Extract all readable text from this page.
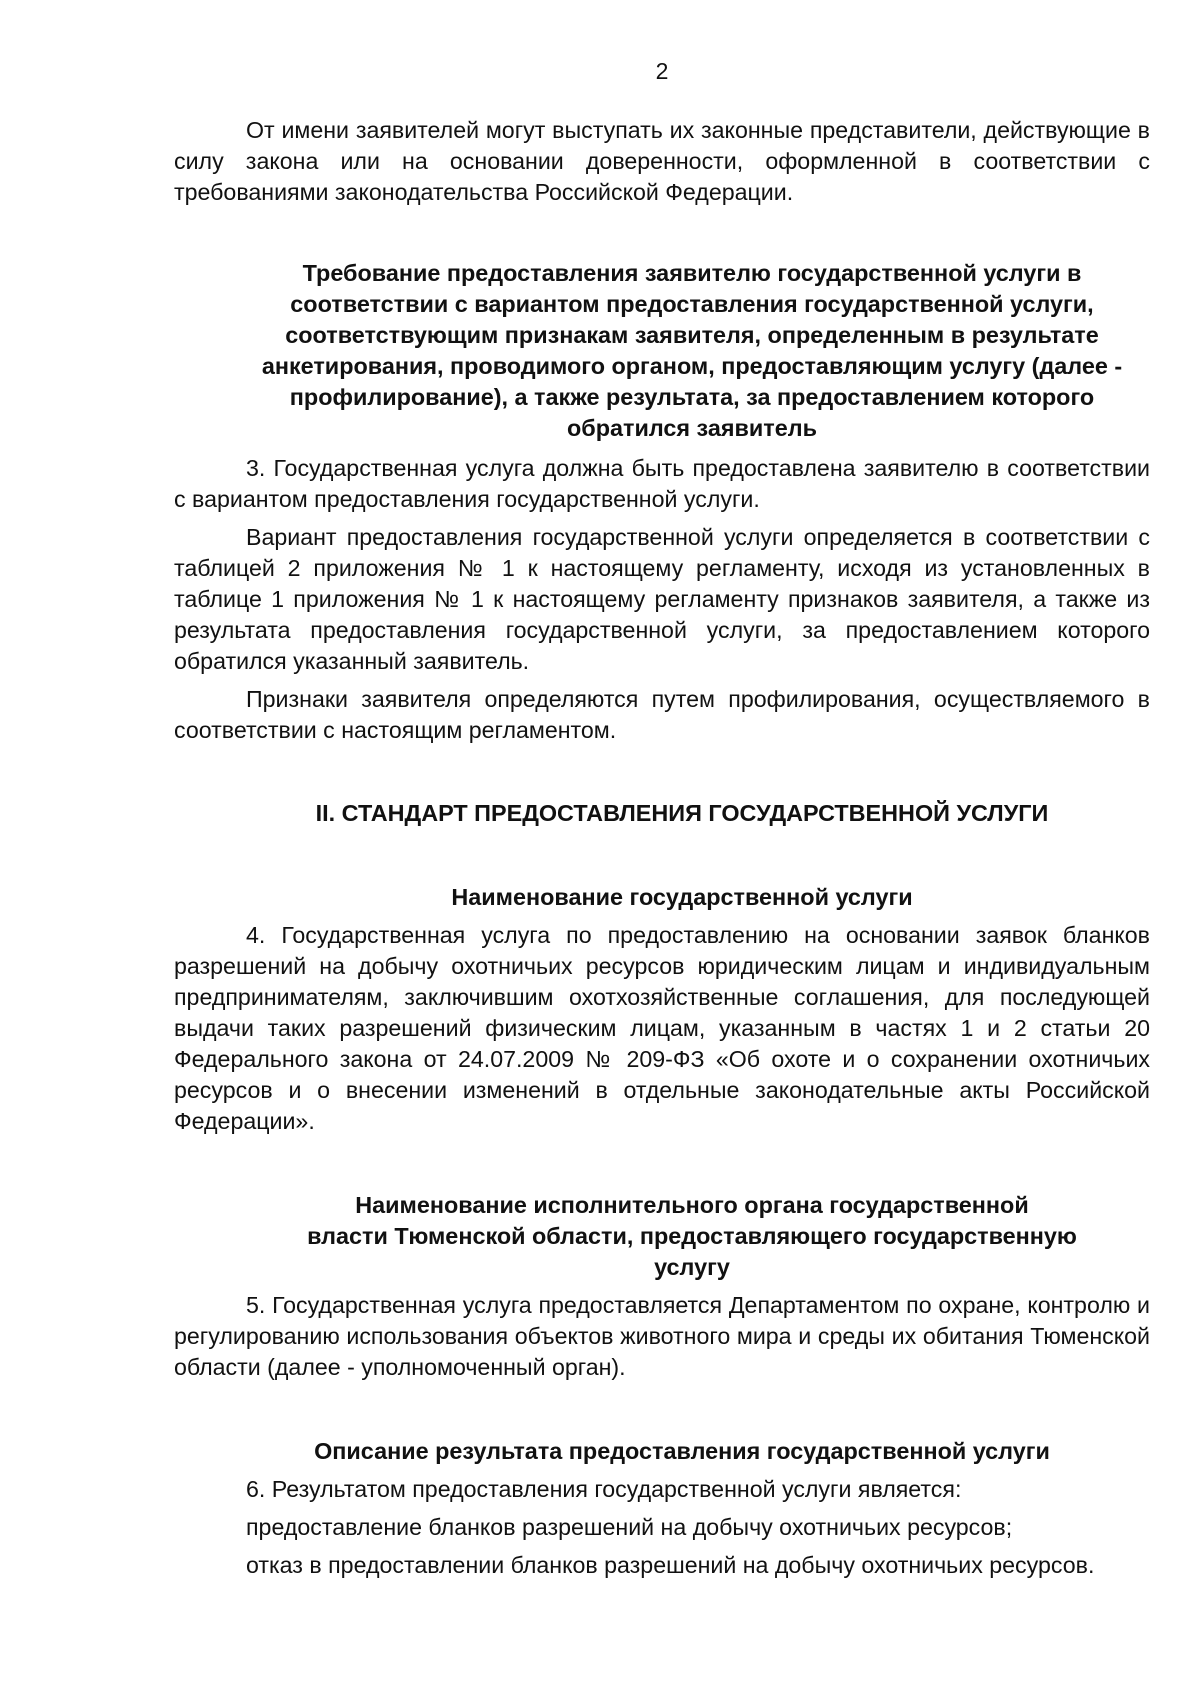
2

От имени заявителей могут выступать их законные представители, действующие в силу закона или на основании доверенности, оформленной в соответствии с требованиями законодательства Российской Федерации.

Требование предоставления заявителю государственной услуги в соответствии с вариантом предоставления государственной услуги, соответствующим признакам заявителя, определенным в результате анкетирования, проводимого органом, предоставляющим услугу (далее - профилирование), а также результата, за предоставлением которого обратился заявитель

3. Государственная услуга должна быть предоставлена заявителю в соответствии с вариантом предоставления государственной услуги.

Вариант предоставления государственной услуги определяется в соответствии с таблицей 2 приложения № 1 к настоящему регламенту, исходя из установленных в таблице 1 приложения № 1 к настоящему регламенту признаков заявителя, а также из результата предоставления государственной услуги, за предоставлением которого обратился указанный заявитель.

Признаки заявителя определяются путем профилирования, осуществляемого в соответствии с настоящим регламентом.

II. СТАНДАРТ ПРЕДОСТАВЛЕНИЯ ГОСУДАРСТВЕННОЙ УСЛУГИ
Наименование государственной услуги

4. Государственная услуга по предоставлению на основании заявок бланков разрешений на добычу охотничьих ресурсов юридическим лицам и индивидуальным предпринимателям, заключившим охотхозяйственные соглашения, для последующей выдачи таких разрешений физическим лицам, указанным в частях 1 и 2 статьи 20 Федерального закона от 24.07.2009 № 209-ФЗ «Об охоте и о сохранении охотничьих ресурсов и о внесении изменений в отдельные законодательные акты Российской Федерации».

Наименование исполнительного органа государственной
власти Тюменской области, предоставляющего государственную
услугу

5. Государственная услуга предоставляется Департаментом по охране, контролю и регулированию использования объектов животного мира и среды их обитания Тюменской области (далее - уполномоченный орган).

Описание результата предоставления государственной услуги

6. Результатом предоставления государственной услуги является:

предоставление бланков разрешений на добычу охотничьих ресурсов;

отказ в предоставлении бланков разрешений на добычу охотничьих ресурсов.
